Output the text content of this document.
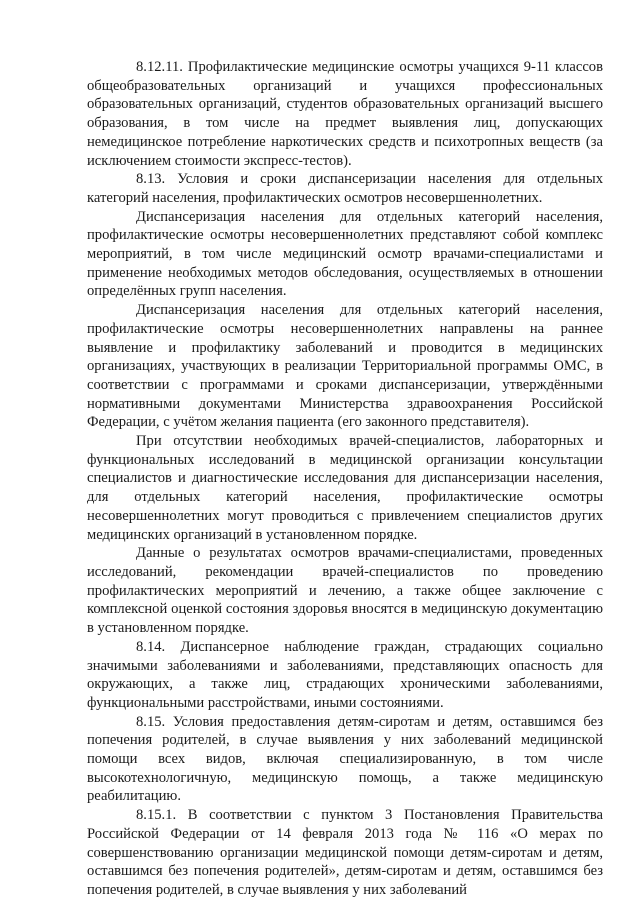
8.12.11. Профилактические медицинские осмотры учащихся 9-11 классов общеобразовательных организаций и учащихся профессиональных образовательных организаций, студентов образовательных организаций высшего образования, в том числе на предмет выявления лиц, допускающих немедицинское потребление наркотических средств и психотропных веществ (за исключением стоимости экспресс-тестов).

8.13. Условия и сроки диспансеризации населения для отдельных категорий населения, профилактических осмотров несовершеннолетних.

Диспансеризация населения для отдельных категорий населения, профилактические осмотры несовершеннолетних представляют собой комплекс мероприятий, в том числе медицинский осмотр врачами-специалистами и применение необходимых методов обследования, осуществляемых в отношении определённых групп населения.

Диспансеризация населения для отдельных категорий населения, профилактические осмотры несовершеннолетних направлены на раннее выявление и профилактику заболеваний и проводится в медицинских организациях, участвующих в реализации Территориальной программы ОМС, в соответствии с программами и сроками диспансеризации, утверждёнными нормативными документами Министерства здравоохранения Российской Федерации, с учётом желания пациента (его законного представителя).

При отсутствии необходимых врачей-специалистов, лабораторных и функциональных исследований в медицинской организации консультации специалистов и диагностические исследования для диспансеризации населения, для отдельных категорий населения, профилактические осмотры несовершеннолетних могут проводиться с привлечением специалистов других медицинских организаций в установленном порядке.

Данные о результатах осмотров врачами-специалистами, проведенных исследований, рекомендации врачей-специалистов по проведению профилактических мероприятий и лечению, а также общее заключение с комплексной оценкой состояния здоровья вносятся в медицинскую документацию в установленном порядке.

8.14. Диспансерное наблюдение граждан, страдающих социально значимыми заболеваниями и заболеваниями, представляющих опасность для окружающих, а также лиц, страдающих хроническими заболеваниями, функциональными расстройствами, иными состояниями.

8.15. Условия предоставления детям-сиротам и детям, оставшимся без попечения родителей, в случае выявления у них заболеваний медицинской помощи всех видов, включая специализированную, в том числе высокотехнологичную, медицинскую помощь, а также медицинскую реабилитацию.

8.15.1. В соответствии с пунктом 3 Постановления Правительства Российской Федерации от 14 февраля 2013 года № 116 «О мерах по совершенствованию организации медицинской помощи детям-сиротам и детям, оставшимся без попечения родителей», детям-сиротам и детям, оставшимся без попечения родителей, в случае выявления у них заболеваний
